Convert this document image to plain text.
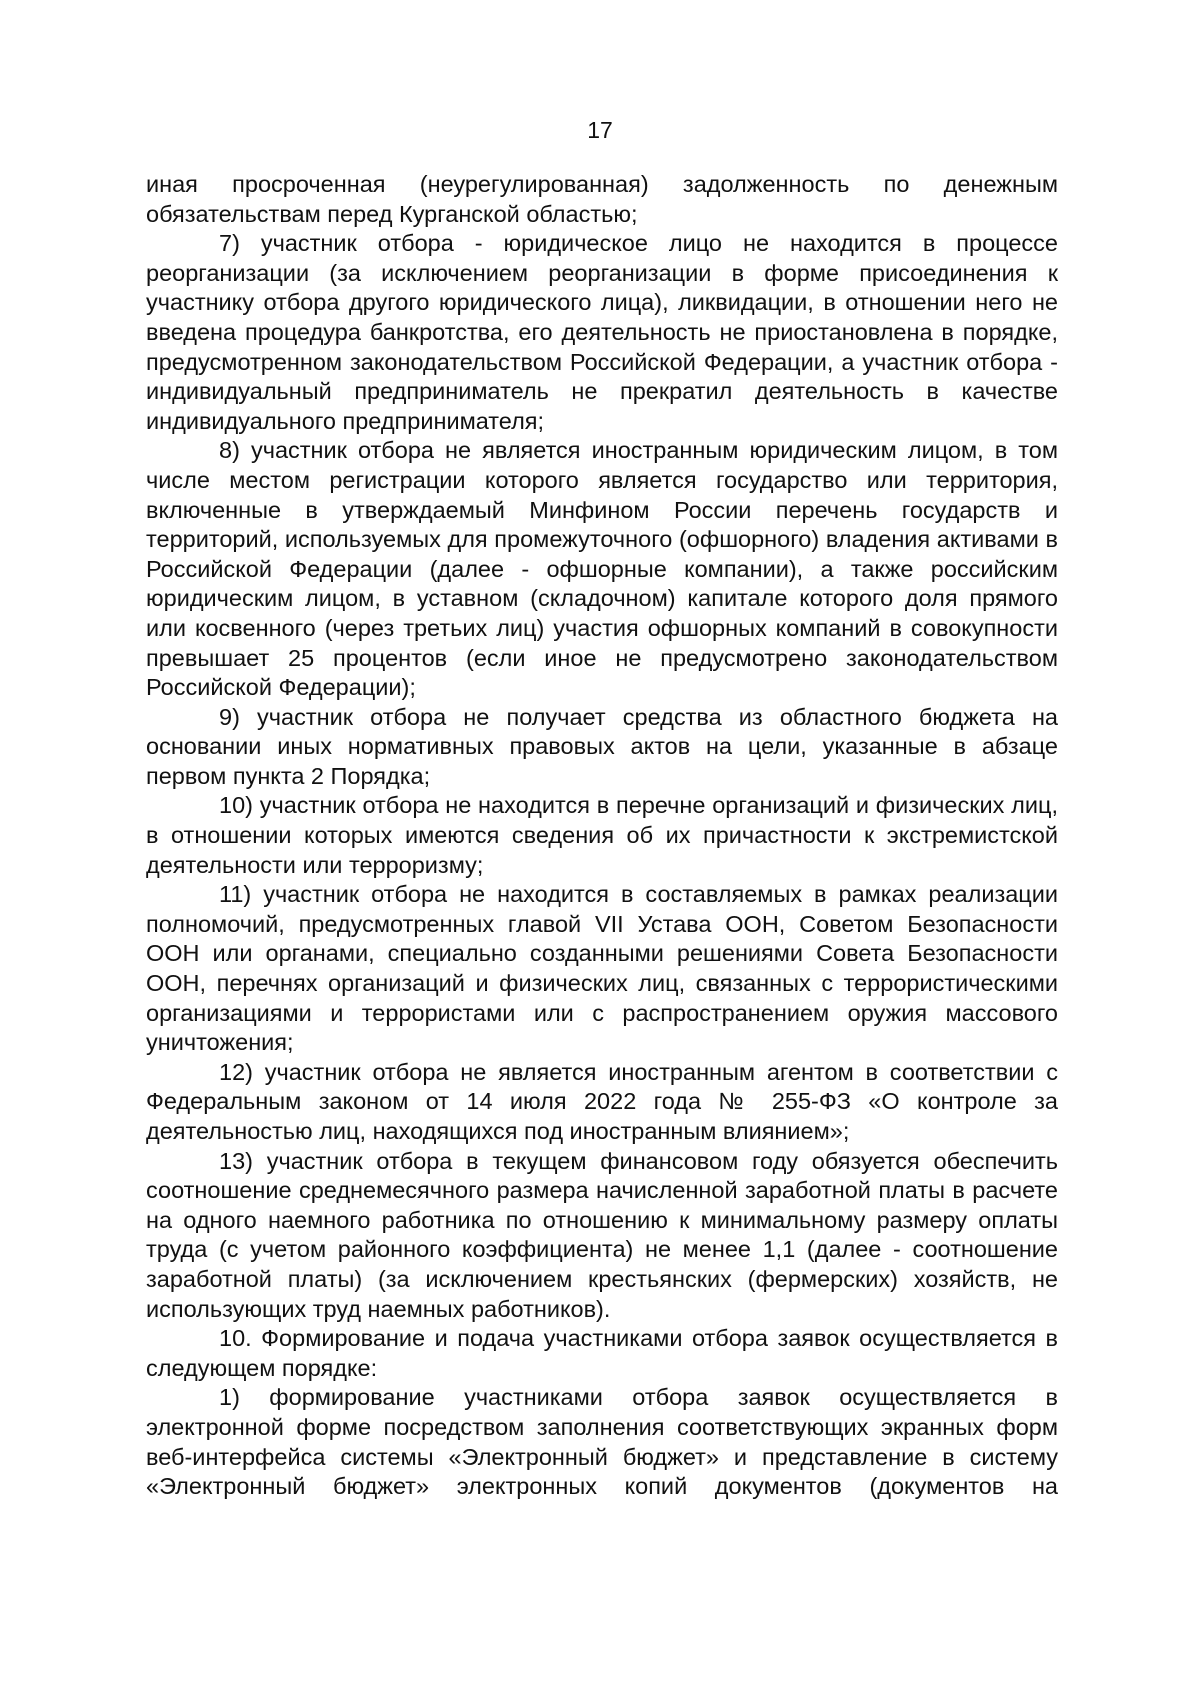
17

иная просроченная (неурегулированная) задолженность по денежным обязательствам перед Курганской областью;

7) участник отбора - юридическое лицо не находится в процессе реорганизации (за исключением реорганизации в форме присоединения к участнику отбора другого юридического лица), ликвидации, в отношении него не введена процедура банкротства, его деятельность не приостановлена в порядке, предусмотренном законодательством Российской Федерации, а участник отбора - индивидуальный предприниматель не прекратил деятельность в качестве индивидуального предпринимателя;

8) участник отбора не является иностранным юридическим лицом, в том числе местом регистрации которого является государство или территория, включенные в утверждаемый Минфином России перечень государств и территорий, используемых для промежуточного (офшорного) владения активами в Российской Федерации (далее - офшорные компании), а также российским юридическим лицом, в уставном (складочном) капитале которого доля прямого или косвенного (через третьих лиц) участия офшорных компаний в совокупности превышает 25 процентов (если иное не предусмотрено законодательством Российской Федерации);

9) участник отбора не получает средства из областного бюджета на основании иных нормативных правовых актов на цели, указанные в абзаце первом пункта 2 Порядка;

10) участник отбора не находится в перечне организаций и физических лиц, в отношении которых имеются сведения об их причастности к экстремистской деятельности или терроризму;

11) участник отбора не находится в составляемых в рамках реализации полномочий, предусмотренных главой VII Устава ООН, Советом Безопасности ООН или органами, специально созданными решениями Совета Безопасности ООН, перечнях организаций и физических лиц, связанных с террористическими организациями и террористами или с распространением оружия массового уничтожения;

12) участник отбора не является иностранным агентом в соответствии с Федеральным законом от 14 июля 2022 года № 255-ФЗ «О контроле за деятельностью лиц, находящихся под иностранным влиянием»;

13) участник отбора в текущем финансовом году обязуется обеспечить соотношение среднемесячного размера начисленной заработной платы в расчете на одного наемного работника по отношению к минимальному размеру оплаты труда (с учетом районного коэффициента) не менее 1,1 (далее - соотношение заработной платы) (за исключением крестьянских (фермерских) хозяйств, не использующих труд наемных работников).

10. Формирование и подача участниками отбора заявок осуществляется в следующем порядке:

1) формирование участниками отбора заявок осуществляется в электронной форме посредством заполнения соответствующих экранных форм веб-интерфейса системы «Электронный бюджет» и представление в систему «Электронный бюджет» электронных копий документов (документов на
